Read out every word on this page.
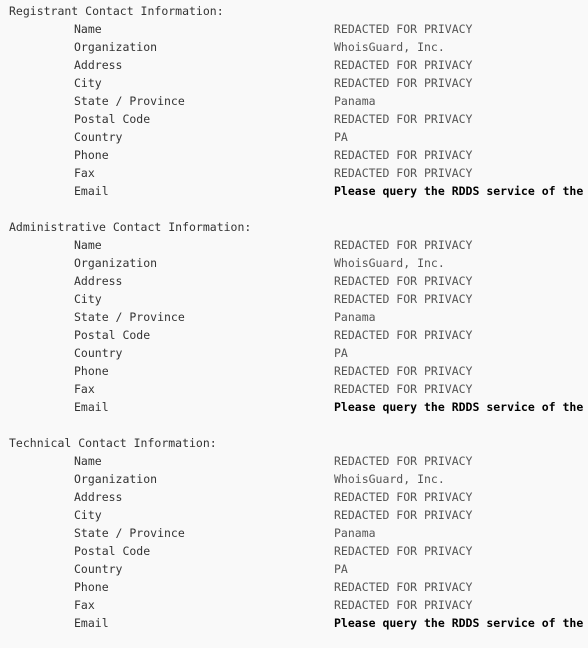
Registrant Contact Information:
Name	REDACTED FOR PRIVACY
Organization	WhoisGuard, Inc.
Address	REDACTED FOR PRIVACY
City	REDACTED FOR PRIVACY
State / Province	Panama
Postal Code	REDACTED FOR PRIVACY
Country	PA
Phone	REDACTED FOR PRIVACY
Fax	REDACTED FOR PRIVACY
Email	Please query the RDDS service of the
Administrative Contact Information:
Name	REDACTED FOR PRIVACY
Organization	WhoisGuard, Inc.
Address	REDACTED FOR PRIVACY
City	REDACTED FOR PRIVACY
State / Province	Panama
Postal Code	REDACTED FOR PRIVACY
Country	PA
Phone	REDACTED FOR PRIVACY
Fax	REDACTED FOR PRIVACY
Email	Please query the RDDS service of the
Technical Contact Information:
Name	REDACTED FOR PRIVACY
Organization	WhoisGuard, Inc.
Address	REDACTED FOR PRIVACY
City	REDACTED FOR PRIVACY
State / Province	Panama
Postal Code	REDACTED FOR PRIVACY
Country	PA
Phone	REDACTED FOR PRIVACY
Fax	REDACTED FOR PRIVACY
Email	Please query the RDDS service of the
